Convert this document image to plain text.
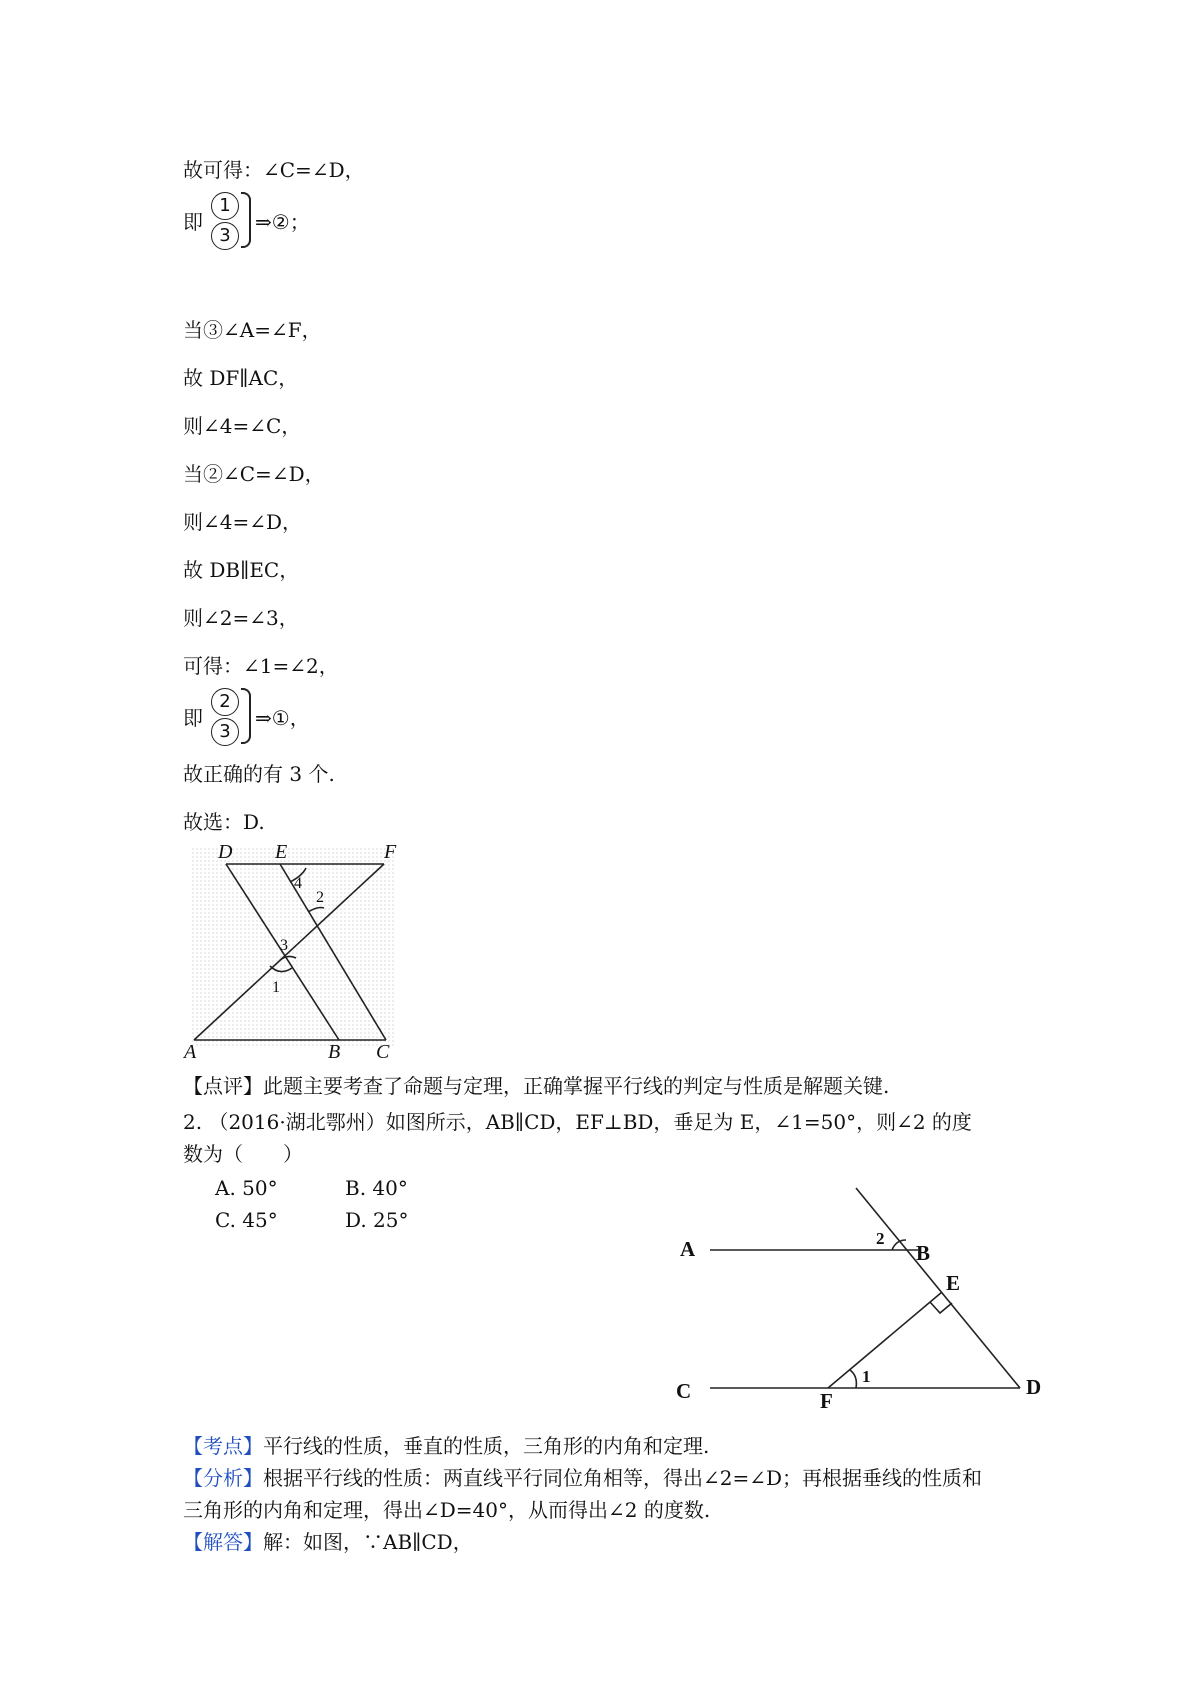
故可得：∠C=∠D，
即
1
3
⇒②；
当③∠A=∠F，
故 DF∥AC，
则∠4=∠C，
当②∠C=∠D，
则∠4=∠D，
故 DB∥EC，
则∠2=∠3，
可得：∠1=∠2，
即
2
3
⇒①，
故正确的有 3 个.
故选：D.
D E	F
A	B C
4
2
3
1
【点评】此题主要考查了命题与定理，正确掌握平行线的判定与性质是解题关键.
2. （2016·湖北鄂州）如图所示，AB∥CD，EF⊥BD，垂足为 E，∠1=50°，则∠2 的度
数为（　　）
A. 50°	B. 40°
C. 45°	D. 25°
A	B
E
C	F
D
2
1
【考点】平行线的性质，垂直的性质，三角形的内角和定理.
【分析】根据平行线的性质：两直线平行同位角相等，得出∠2=∠D；再根据垂线的性质和
三角形的内角和定理，得出∠D=40°，从而得出∠2 的度数.
【解答】解：如图，∵AB∥CD，
